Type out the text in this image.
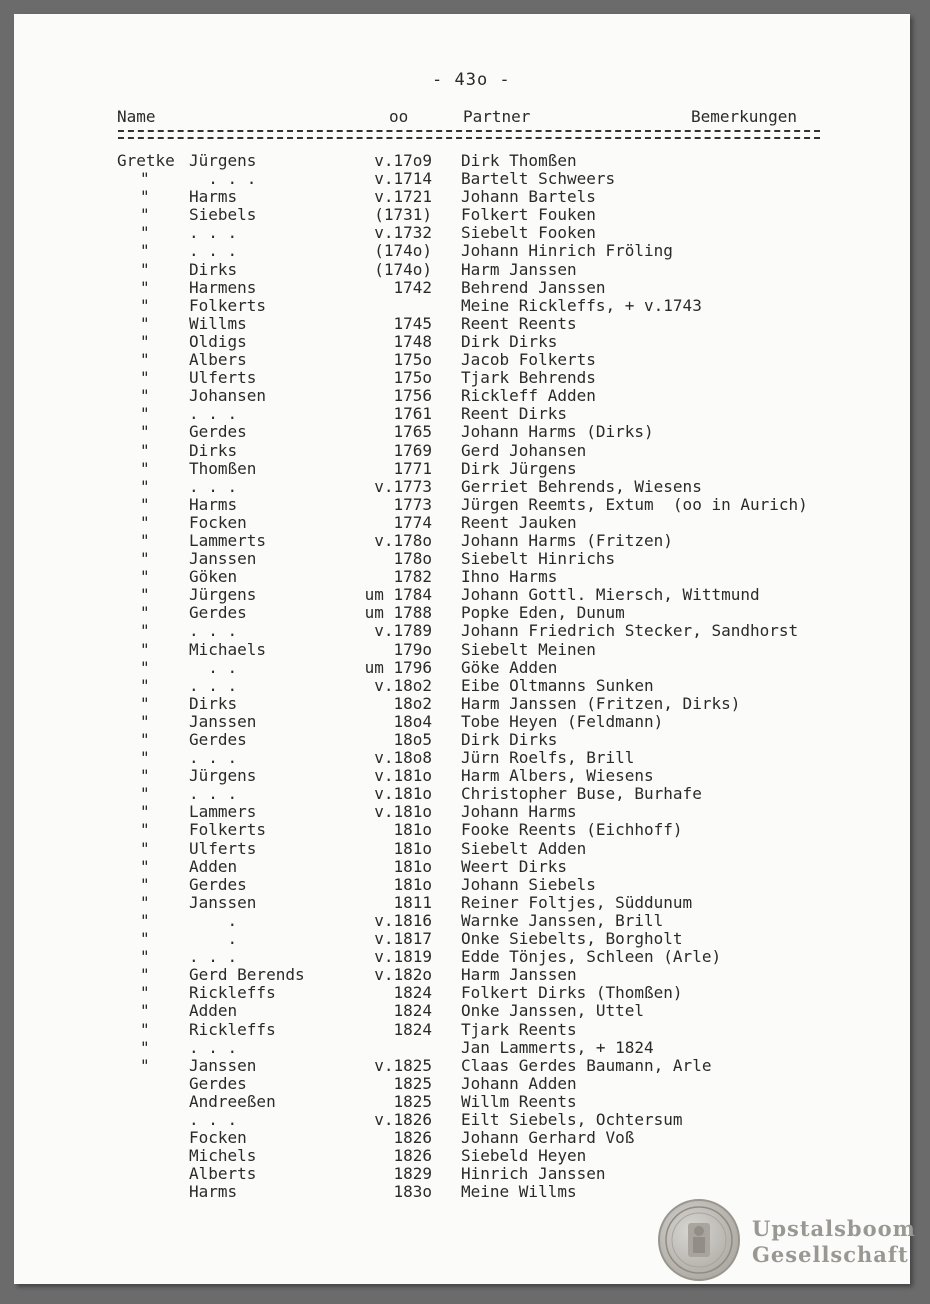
- 43o -
Name	oo	Partner	Bemerkungen
Gretke Jürgens	v.17o9 Dirk Thomßen
" . . .	v.1714 Bartelt Schweers
" Harms	v.1721 Johann Bartels
" Siebels	(1731) Folkert Fouken
" . . .	v.1732 Siebelt Fooken
" . . .	(174o) Johann Hinrich Fröling
" Dirks	(174o) Harm Janssen
" Harmens	1742 Behrend Janssen
" Folkerts	Meine Rickleffs, + v.1743
" Willms	1745 Reent Reents
" Oldigs	1748 Dirk Dirks
" Albers	175o Jacob Folkerts
" Ulferts	175o Tjark Behrends
" Johansen	1756 Rickleff Adden
" . . .	1761 Reent Dirks
" Gerdes	1765 Johann Harms (Dirks)
" Dirks	1769 Gerd Johansen
" Thomßen	1771 Dirk Jürgens
" . . .	v.1773 Gerriet Behrends, Wiesens
" Harms	1773 Jürgen Reemts, Extum  (oo in Aurich)
" Focken	1774 Reent Jauken
" Lammerts	v.178o Johann Harms (Fritzen)
" Janssen	178o Siebelt Hinrichs
" Göken	1782 Ihno Harms
" Jürgens	um 1784 Johann Gottl. Miersch, Wittmund
" Gerdes	um 1788 Popke Eden, Dunum
" . . .	v.1789 Johann Friedrich Stecker, Sandhorst
" Michaels	179o Siebelt Meinen
" . .	um 1796 Göke Adden
" . . .	v.18o2 Eibe Oltmanns Sunken
" Dirks	18o2 Harm Janssen (Fritzen, Dirks)
" Janssen	18o4 Tobe Heyen (Feldmann)
" Gerdes	18o5 Dirk Dirks
" . . .	v.18o8 Jürn Roelfs, Brill
" Jürgens	v.181o Harm Albers, Wiesens
" . . .	v.181o Christopher Buse, Burhafe
" Lammers	v.181o Johann Harms
" Folkerts	181o Fooke Reents (Eichhoff)
" Ulferts	181o Siebelt Adden
" Adden	181o Weert Dirks
" Gerdes	181o Johann Siebels
" Janssen	1811 Reiner Foltjes, Süddunum
" .	v.1816 Warnke Janssen, Brill
" .	v.1817 Onke Siebelts, Borgholt
" . . .	v.1819 Edde Tönjes, Schleen (Arle)
" Gerd Berends	v.182o Harm Janssen
" Rickleffs	1824 Folkert Dirks (Thomßen)
" Adden	1824 Onke Janssen, Uttel
" Rickleffs	1824 Tjark Reents
" . . .	Jan Lammerts, + 1824
" Janssen	v.1825 Claas Gerdes Baumann, Arle
Gerdes	1825 Johann Adden
Andreeßen	1825 Willm Reents
. . .	v.1826 Eilt Siebels, Ochtersum
Focken	1826 Johann Gerhard Voß
Michels	1826 Siebeld Heyen
Alberts	1829 Hinrich Janssen
Harms	183o Meine Willms
Upstalsboom
Gesellschaft
